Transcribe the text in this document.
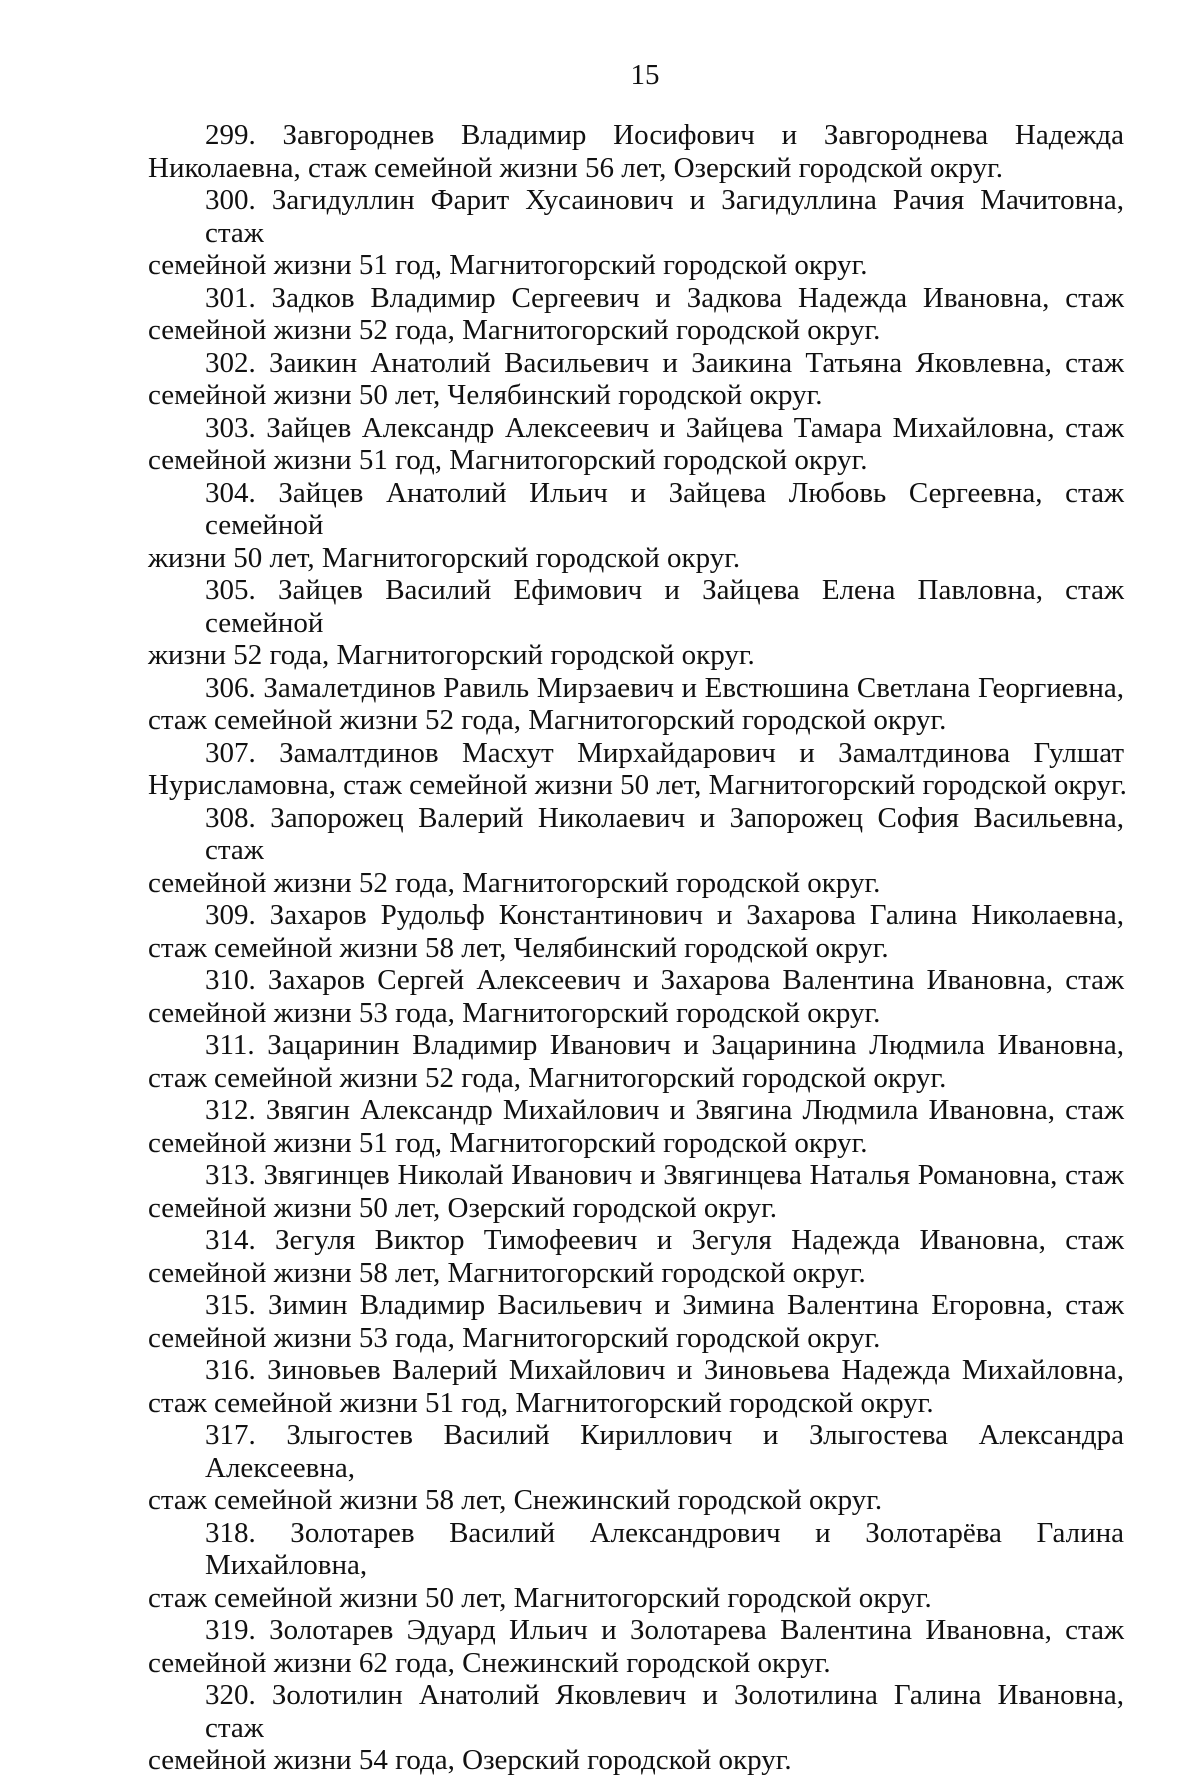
15

299. Завгороднев Владимир Иосифович и Завгороднева Надежда
Николаевна, стаж семейной жизни 56 лет, Озерский городской округ.

300. Загидуллин Фарит Хусаинович и Загидуллина Рачия Мачитовна, стаж
семейной жизни 51 год, Магнитогорский городской округ.

301. Задков Владимир Сергеевич и Задкова Надежда Ивановна, стаж
семейной жизни 52 года, Магнитогорский городской округ.

302. Заикин Анатолий Васильевич и Заикина Татьяна Яковлевна, стаж
семейной жизни 50 лет, Челябинский городской округ.

303. Зайцев Александр Алексеевич и Зайцева Тамара Михайловна, стаж
семейной жизни 51 год, Магнитогорский городской округ.

304. Зайцев Анатолий Ильич и Зайцева Любовь Сергеевна, стаж семейной
жизни 50 лет, Магнитогорский городской округ.

305. Зайцев Василий Ефимович и Зайцева Елена Павловна, стаж семейной
жизни 52 года, Магнитогорский городской округ.

306. Замалетдинов Равиль Мирзаевич и Евстюшина Светлана Георгиевна,
стаж семейной жизни 52 года, Магнитогорский городской округ.

307. Замалтдинов Масхут Мирхайдарович и Замалтдинова Гулшат
Нурисламовна, стаж семейной жизни 50 лет, Магнитогорский городской округ.

308. Запорожец Валерий Николаевич и Запорожец София Васильевна, стаж
семейной жизни 52 года, Магнитогорский городской округ.

309. Захаров Рудольф Константинович и Захарова Галина Николаевна,
стаж семейной жизни 58 лет, Челябинский городской округ.

310. Захаров Сергей Алексеевич и Захарова Валентина Ивановна, стаж
семейной жизни 53 года, Магнитогорский городской округ.

311. Зацаринин Владимир Иванович и Зацаринина Людмила Ивановна,
стаж семейной жизни 52 года, Магнитогорский городской округ.

312. Звягин Александр Михайлович и Звягина Людмила Ивановна, стаж
семейной жизни 51 год, Магнитогорский городской округ.

313. Звягинцев Николай Иванович и Звягинцева Наталья Романовна, стаж
семейной жизни 50 лет, Озерский городской округ.

314. Зегуля Виктор Тимофеевич и Зегуля Надежда Ивановна, стаж
семейной жизни 58 лет, Магнитогорский городской округ.

315. Зимин Владимир Васильевич и Зимина Валентина Егоровна, стаж
семейной жизни 53 года, Магнитогорский городской округ.

316. Зиновьев Валерий Михайлович и Зиновьева Надежда Михайловна,
стаж семейной жизни 51 год, Магнитогорский городской округ.

317. Злыгостев Василий Кириллович и Злыгостева Александра Алексеевна,
стаж семейной жизни 58 лет, Снежинский городской округ.

318. Золотарев Василий Александрович и Золотарёва Галина Михайловна,
стаж семейной жизни 50 лет, Магнитогорский городской округ.

319. Золотарев Эдуард Ильич и Золотарева Валентина Ивановна, стаж
семейной жизни 62 года, Снежинский городской округ.

320. Золотилин Анатолий Яковлевич и Золотилина Галина Ивановна, стаж
семейной жизни 54 года, Озерский городской округ.
